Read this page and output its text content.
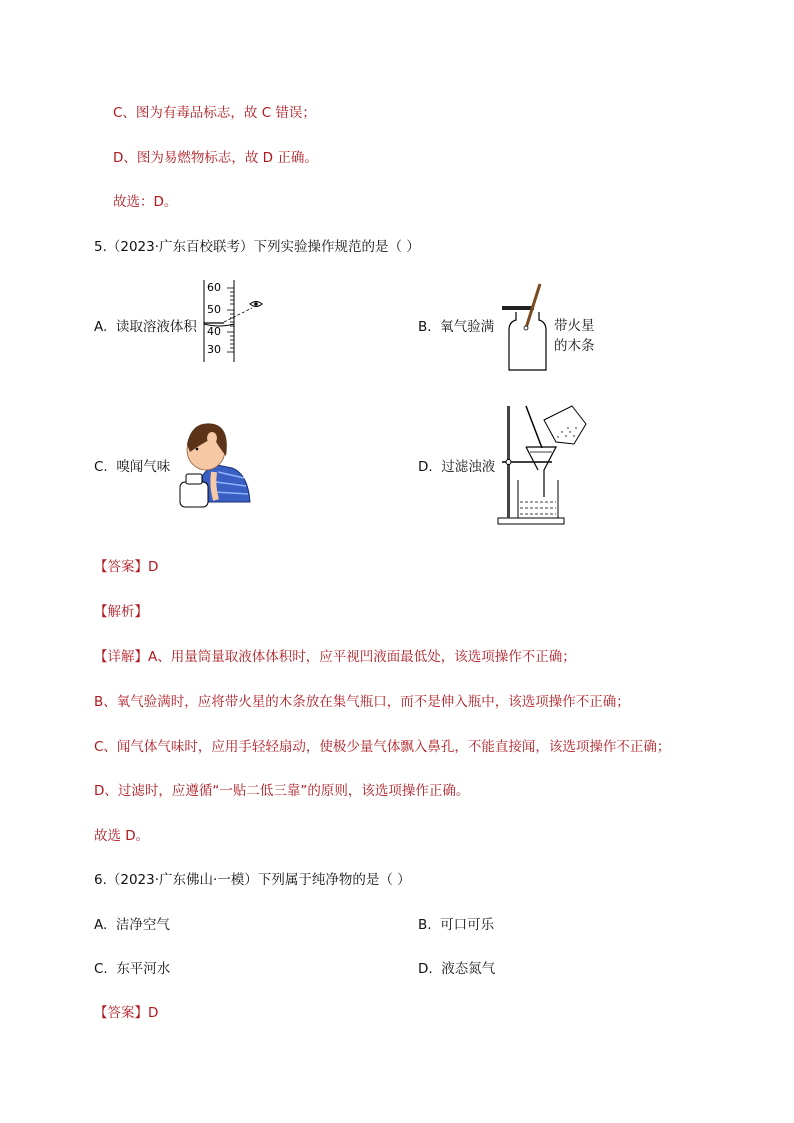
C、图为有毒品标志，故 C 错误；
D、图为易燃物标志，故 D 正确。
故选：D。
5.（2023·广东百校联考）下列实验操作规范的是（ ）
A. 读取溶液体积
60
50
40
30
B. 氧气验满	带火星
的木条
C. 嗅闻气味	D. 过滤浊液
【答案】D
【解析】
【详解】A、用量筒量取液体体积时，应平视凹液面最低处，该选项操作不正确；
B、氧气验满时，应将带火星的木条放在集气瓶口，而不是伸入瓶中，该选项操作不正确；
C、闻气体气味时，应用手轻轻扇动，使极少量气体飘入鼻孔，不能直接闻，该选项操作不正确；
D、过滤时，应遵循“一贴二低三靠”的原则，该选项操作正确。
故选 D。
6.（2023·广东佛山·一模）下列属于纯净物的是（ ）
A. 洁净空气	B. 可口可乐
C. 东平河水	D. 液态氮气
【答案】D
